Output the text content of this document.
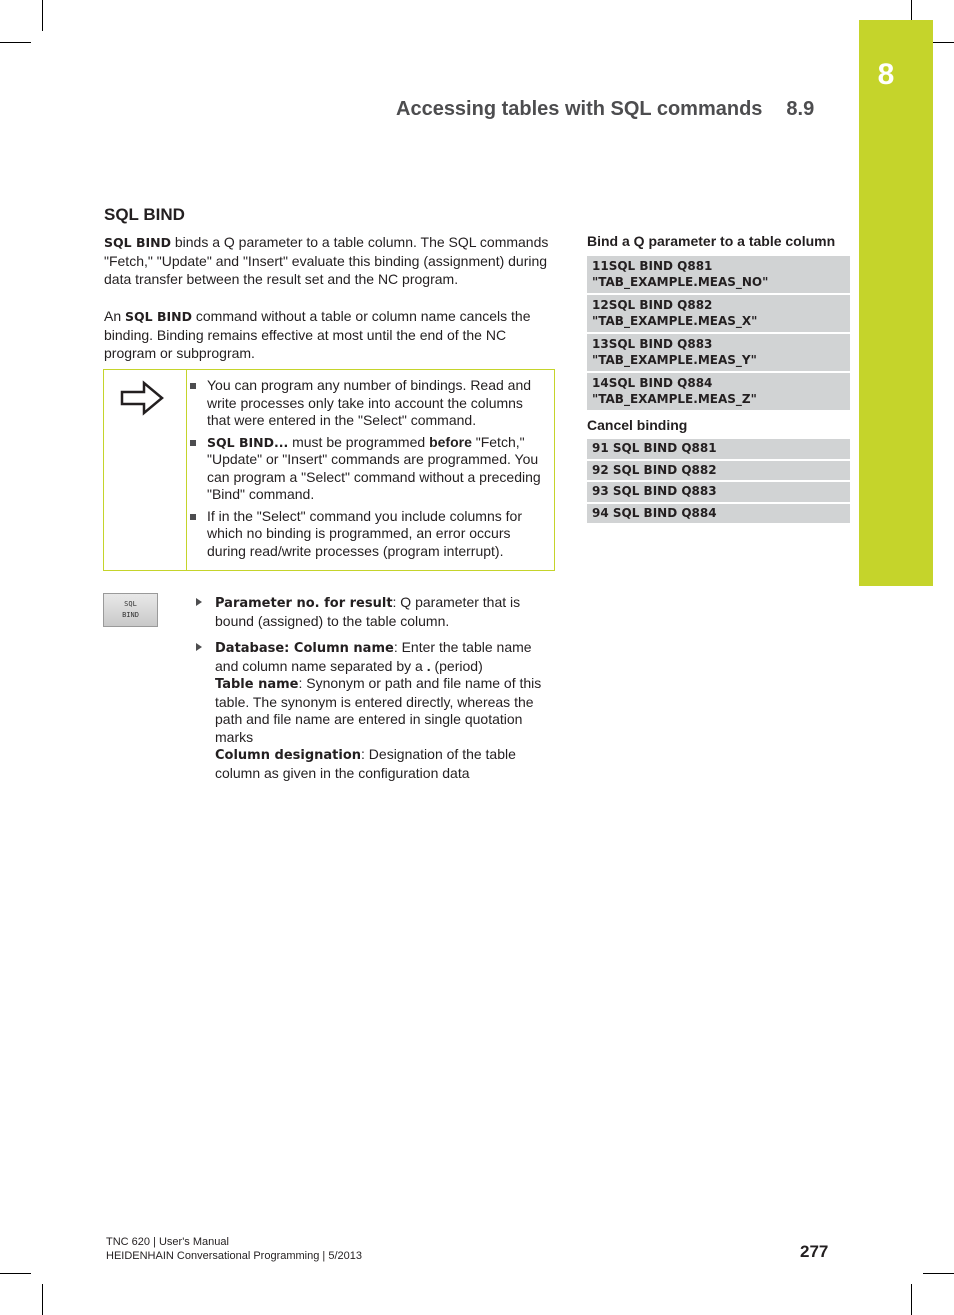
8
Accessing tables with SQL commands 8.9
SQL BIND

SQL BIND binds a Q parameter to a table column. The SQL commands "Fetch," "Update" and "Insert" evaluate this binding (assignment) during data transfer between the result set and the NC program.

An SQL BIND command without a table or column name cancels the binding. Binding remains effective at most until the end of the NC program or subprogram.

You can program any number of bindings. Read and write processes only take into account the columns that were entered in the "Select" command.
SQL BIND... must be programmed before "Fetch," "Update" or "Insert" commands are programmed. You can program a "Select" command without a preceding "Bind" command.
If in the "Select" command you include columns for which no binding is programmed, an error occurs during read/write processes (program interrupt).
SQL
BIND
Parameter no. for result: Q parameter that is bound (assigned) to the table column.
Database: Column name: Enter the table name and column name separated by a . (period)
Table name: Synonym or path and file name of this table. The synonym is entered directly, whereas the path and file name are entered in single quotation marks
Column designation: Designation of the table column as given in the configuration data
Bind a Q parameter to a table column
11SQL BIND Q881
"TAB_EXAMPLE.MEAS_NO"
12SQL BIND Q882
"TAB_EXAMPLE.MEAS_X"
13SQL BIND Q883
"TAB_EXAMPLE.MEAS_Y"
14SQL BIND Q884
"TAB_EXAMPLE.MEAS_Z"
Cancel binding
91 SQL BIND Q881
92 SQL BIND Q882
93 SQL BIND Q883
94 SQL BIND Q884
TNC 620 | User's Manual
HEIDENHAIN Conversational Programming | 5/2013	277
